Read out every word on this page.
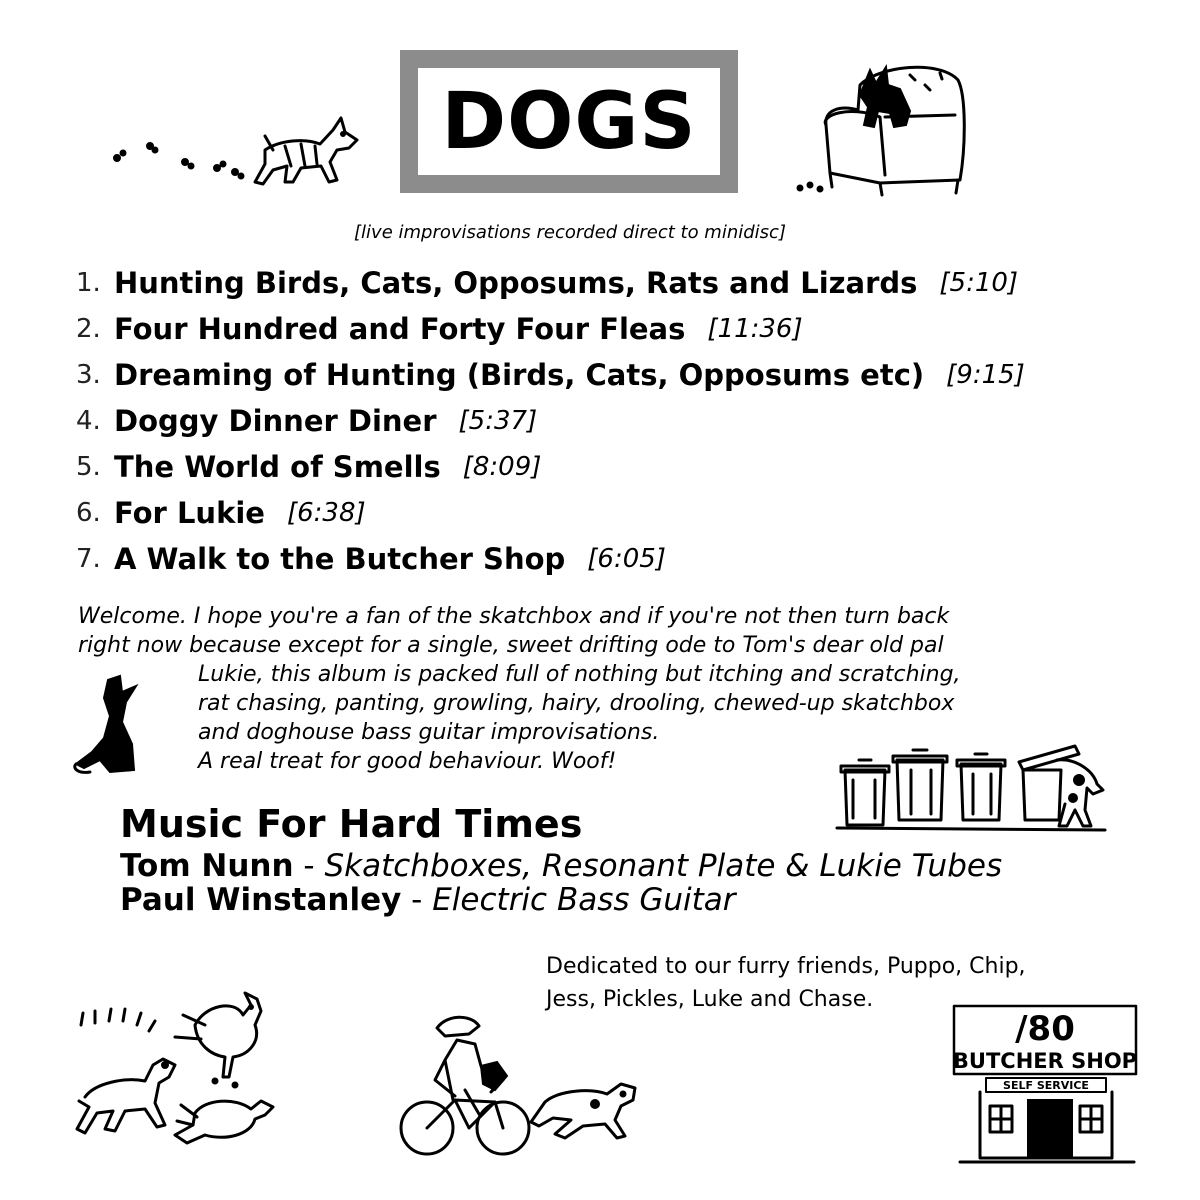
DOGS
[live improvisations recorded direct to minidisc]
1. Hunting Birds, Cats, Opposums, Rats and Lizards [5:10]
2. Four Hundred and Forty Four Fleas [11:36]
3. Dreaming of Hunting (Birds, Cats, Opposums etc) [9:15]
4. Doggy Dinner Diner [5:37]
5. The World of Smells [8:09]
6. For Lukie [6:38]
7. A Walk to the Butcher Shop [6:05]
Welcome. I hope you're a fan of the skatchbox and if you're not then turn back
right now because except for a single, sweet drifting ode to Tom's dear old pal
Lukie, this album is packed full of nothing but itching and scratching,
rat chasing, panting, growling, hairy, drooling, chewed-up skatchbox
and doghouse bass guitar improvisations.
A real treat for good behaviour. Woof!
Music For Hard Times
Tom Nunn - Skatchboxes, Resonant Plate & Lukie Tubes
Paul Winstanley - Electric Bass Guitar
Dedicated to our furry friends, Puppo, Chip,
Jess, Pickles, Luke and Chase.
/80
BUTCHER SHOP
SELF SERVICE
